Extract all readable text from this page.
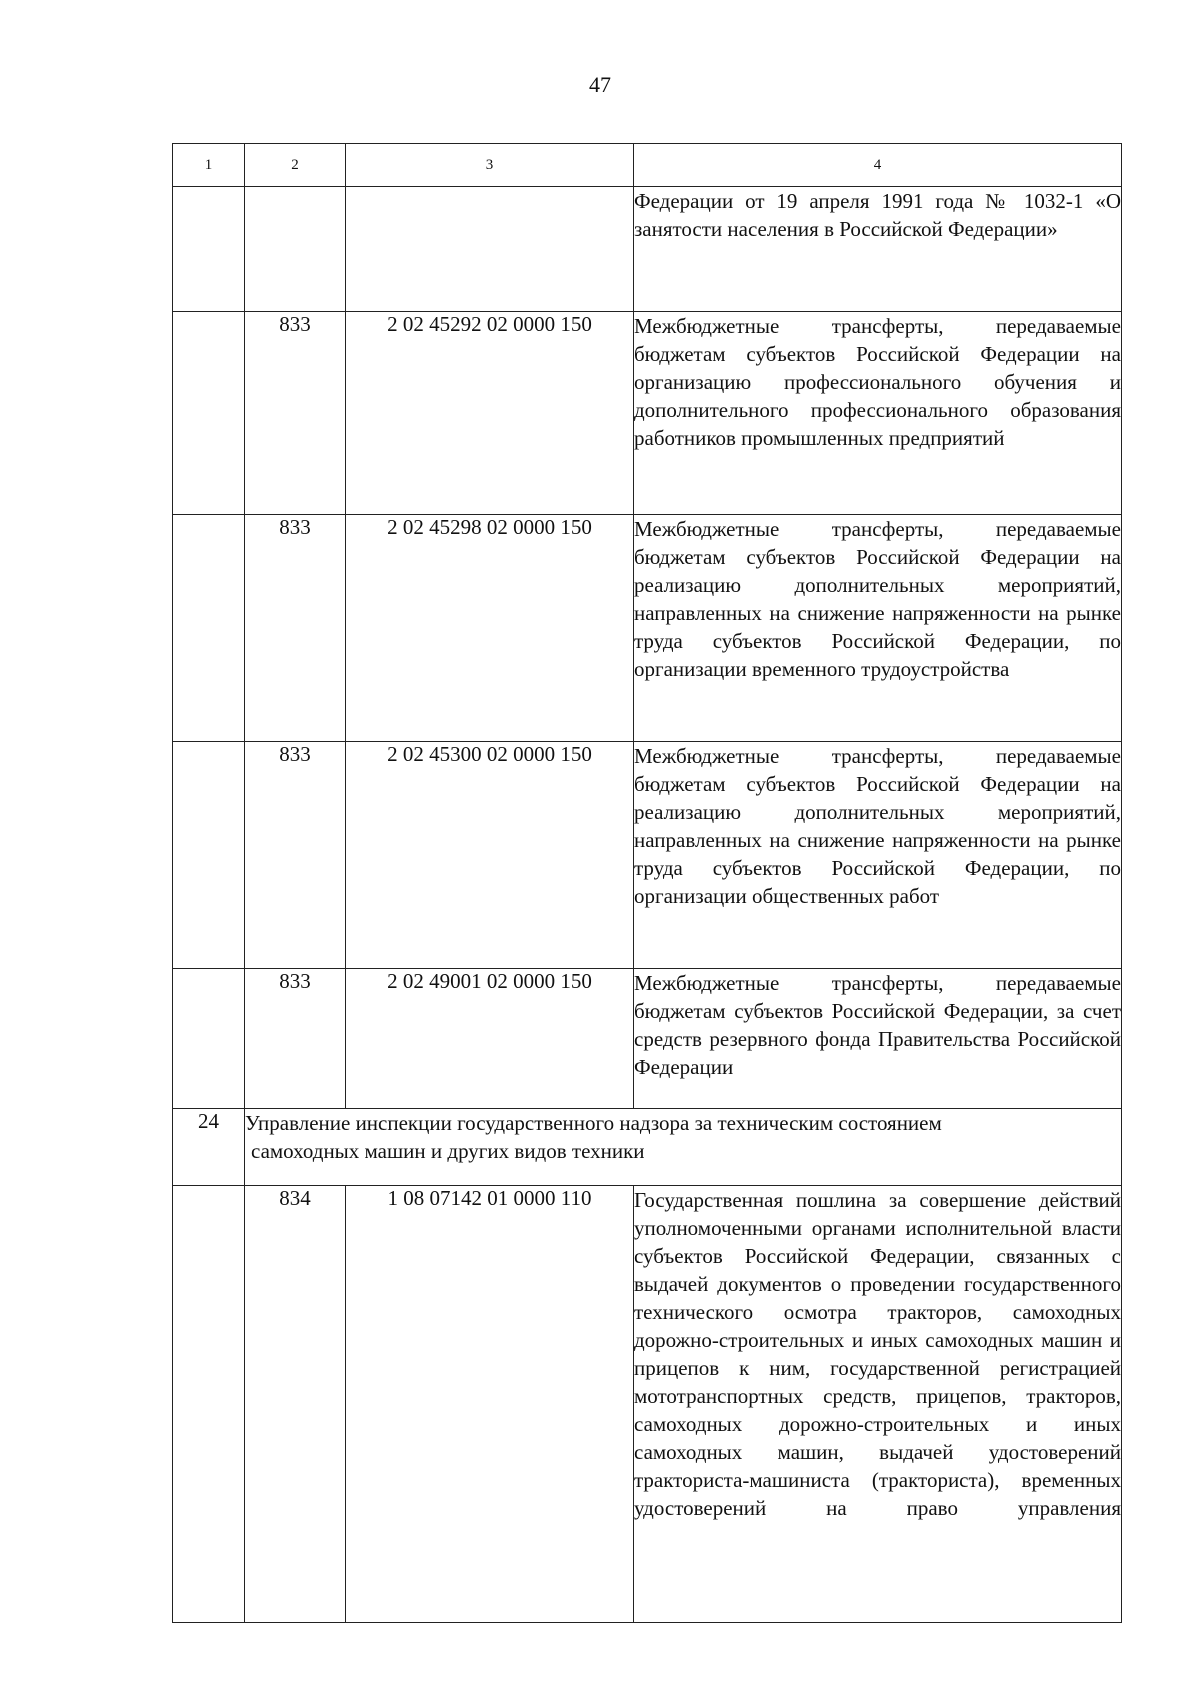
47
1	2	3	4
			Федерации от 19 апреля 1991 года № 1032-1 «О занятости населения в Российской Федерации»
	833	2 02 45292 02 0000 150	Межбюджетные трансферты, передаваемые бюджетам субъектов Российской Федерации на организацию профессионального обучения и дополнительного профессионального образования работников промышленных предприятий
	833	2 02 45298 02 0000 150	Межбюджетные трансферты, передаваемые бюджетам субъектов Российской Федерации на реализацию дополнительных мероприятий, направленных на снижение напряженности на рынке труда субъектов Российской Федерации, по организации временного трудоустройства
	833	2 02 45300 02 0000 150	Межбюджетные трансферты, передаваемые бюджетам субъектов Российской Федерации на реализацию дополнительных мероприятий, направленных на снижение напряженности на рынке труда субъектов Российской Федерации, по организации общественных работ
	833	2 02 49001 02 0000 150	Межбюджетные трансферты, передаваемые бюджетам субъектов Российской Федерации, за счет средств резервного фонда Правительства Российской Федерации
24	Управление инспекции государственного надзора за техническим состоянием
самоходных машин и других видов техники		

	834	1 08 07142 01 0000 110	Государственная пошлина за совершение действий уполномоченными органами исполнительной власти субъектов Российской Федерации, связанных с выдачей документов о проведении государственного технического осмотра тракторов, самоходных дорожно-строительных и иных самоходных машин и прицепов к ним, государственной регистрацией мототранспортных средств, прицепов, тракторов, самоходных дорожно-строительных и иных самоходных машин, выдачей удостоверений тракториста-машиниста (тракториста), временных удостоверений на право управления
